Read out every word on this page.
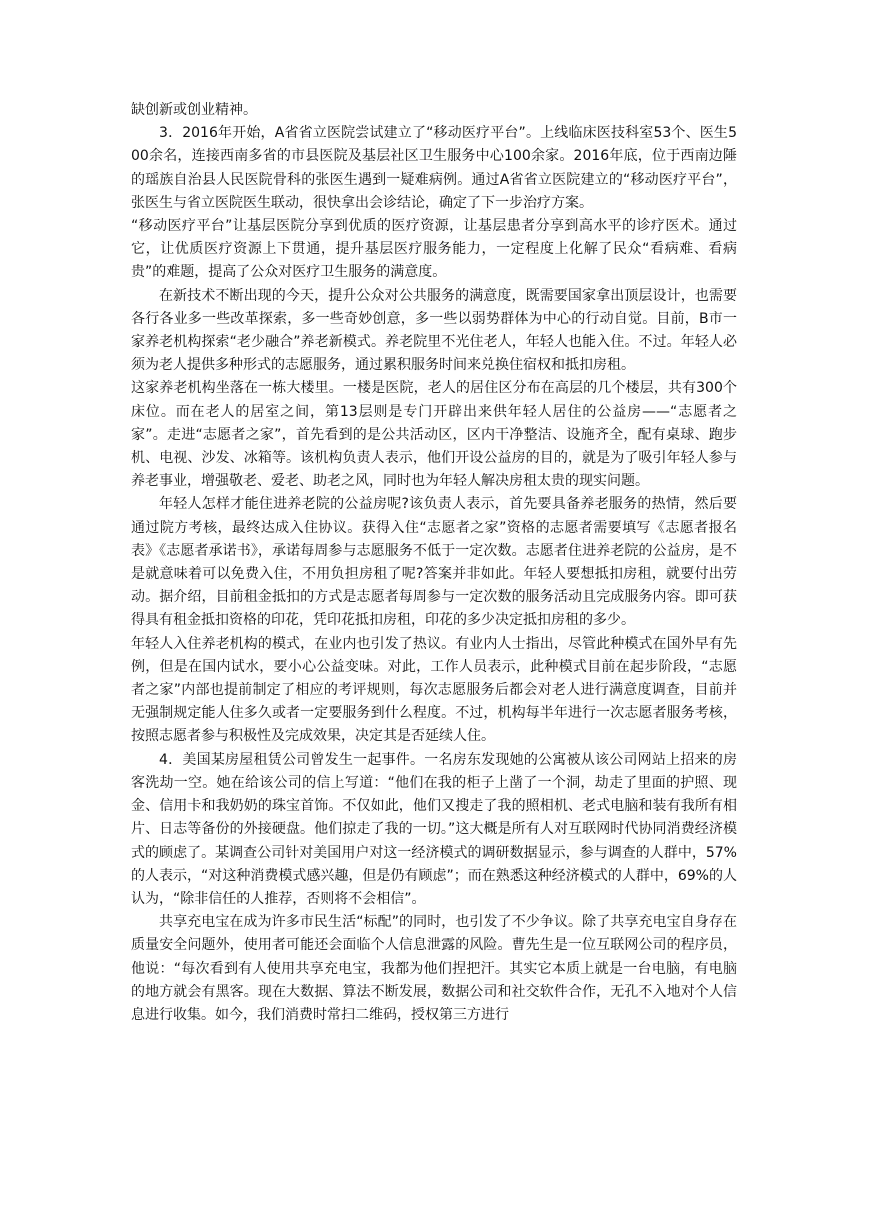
缺创新或创业精神。

3．2016年开始，A省省立医院尝试建立了“移动医疗平台”。上线临床医技科室53个、医生500余名，连接西南多省的市县医院及基层社区卫生服务中心100余家。2016年底，位于西南边陲的瑶族自治县人民医院骨科的张医生遇到一疑难病例。通过A省省立医院建立的“移动医疗平台”，张医生与省立医院医生联动，很快拿出会诊结论，确定了下一步治疗方案。

“移动医疗平台”让基层医院分享到优质的医疗资源，让基层患者分享到高水平的诊疗医术。通过它，让优质医疗资源上下贯通，提升基层医疗服务能力，一定程度上化解了民众“看病难、看病贵”的难题，提高了公众对医疗卫生服务的满意度。

在新技术不断出现的今天，提升公众对公共服务的满意度，既需要国家拿出顶层设计，也需要各行各业多一些改革探索，多一些奇妙创意，多一些以弱势群体为中心的行动自觉。目前，B市一家养老机构探索“老少融合”养老新模式。养老院里不光住老人，年轻人也能入住。不过。年轻人必须为老人提供多种形式的志愿服务，通过累积服务时间来兑换住宿权和抵扣房租。

这家养老机构坐落在一栋大楼里。一楼是医院，老人的居住区分布在高层的几个楼层，共有300个床位。而在老人的居室之间，第13层则是专门开辟出来供年轻人居住的公益房——“志愿者之家”。走进“志愿者之家”，首先看到的是公共活动区，区内干净整洁、设施齐全，配有桌球、跑步机、电视、沙发、冰箱等。该机构负责人表示，他们开设公益房的目的，就是为了吸引年轻人参与养老事业，增强敬老、爱老、助老之风，同时也为年轻人解决房租太贵的现实问题。

年轻人怎样才能住进养老院的公益房呢?该负责人表示，首先要具备养老服务的热情，然后要通过院方考核，最终达成入住协议。获得入住“志愿者之家”资格的志愿者需要填写《志愿者报名表》《志愿者承诺书》，承诺每周参与志愿服务不低于一定次数。志愿者住进养老院的公益房，是不是就意味着可以免费入住，不用负担房租了呢?答案并非如此。年轻人要想抵扣房租，就要付出劳动。据介绍，目前租金抵扣的方式是志愿者每周参与一定次数的服务活动且完成服务内容。即可获得具有租金抵扣资格的印花，凭印花抵扣房租，印花的多少决定抵扣房租的多少。

年轻人入住养老机构的模式，在业内也引发了热议。有业内人士指出，尽管此种模式在国外早有先例，但是在国内试水，要小心公益变味。对此，工作人员表示，此种模式目前在起步阶段，“志愿者之家”内部也提前制定了相应的考评规则，每次志愿服务后都会对老人进行满意度调查，目前并无强制规定能人住多久或者一定要服务到什么程度。不过，机构每半年进行一次志愿者服务考核，按照志愿者参与积极性及完成效果，决定其是否延续人住。

4．美国某房屋租赁公司曾发生一起事件。一名房东发现她的公寓被从该公司网站上招来的房客洗劫一空。她在给该公司的信上写道：“他们在我的柜子上凿了一个洞，劫走了里面的护照、现金、信用卡和我奶奶的珠宝首饰。不仅如此，他们又搜走了我的照相机、老式电脑和装有我所有相片、日志等备份的外接硬盘。他们掠走了我的一切。”这大概是所有人对互联网时代协同消费经济模式的顾虑了。某调查公司针对美国用户对这一经济模式的调研数据显示，参与调查的人群中，57%的人表示，“对这种消费模式感兴趣，但是仍有顾虑”；而在熟悉这种经济模式的人群中，69%的人认为，“除非信任的人推荐，否则将不会相信”。

共享充电宝在成为许多市民生活“标配”的同时，也引发了不少争议。除了共享充电宝自身存在质量安全问题外，使用者可能还会面临个人信息泄露的风险。曹先生是一位互联网公司的程序员，他说：“每次看到有人使用共享充电宝，我都为他们捏把汗。其实它本质上就是一台电脑，有电脑的地方就会有黑客。现在大数据、算法不断发展，数据公司和社交软件合作，无孔不入地对个人信息进行收集。如今，我们消费时常扫二维码，授权第三方进行
